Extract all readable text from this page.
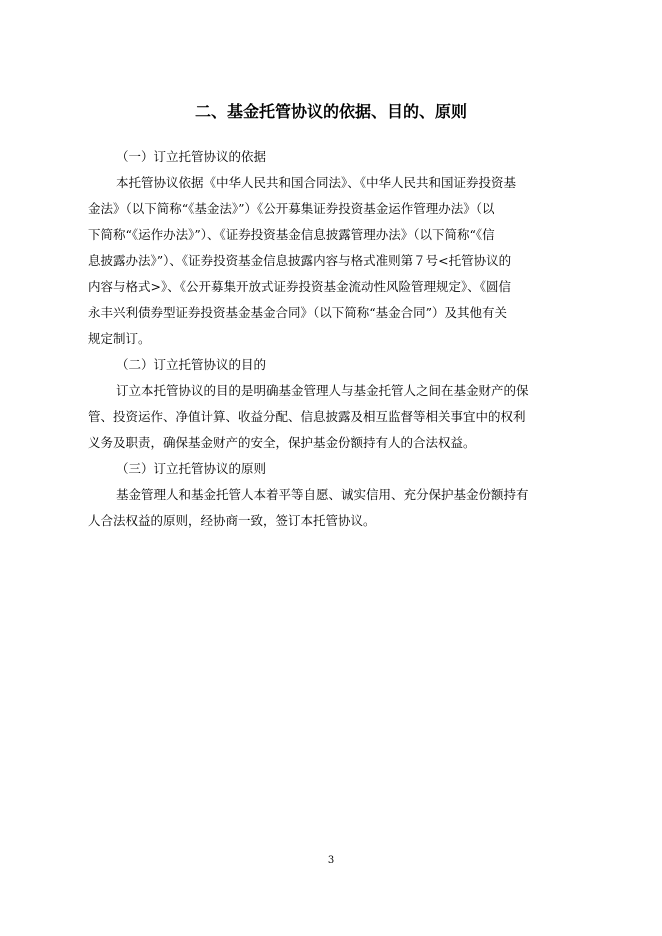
二、基金托管协议的依据、目的、原则
（一）订立托管协议的依据
本托管协议依据《中华人民共和国合同法》、《中华人民共和国证券投资基
金法》（以下简称“《基金法》”）《公开募集证券投资基金运作管理办法》（以
下简称“《运作办法》”）、《证券投资基金信息披露管理办法》（以下简称“《信
息披露办法》”）、《证券投资基金信息披露内容与格式准则第７号<托管协议的
内容与格式>》、《公开募集开放式证券投资基金流动性风险管理规定》、《圆信
永丰兴利债券型证券投资基金基金合同》（以下简称“基金合同”）及其他有关
规定制订。
（二）订立托管协议的目的
订立本托管协议的目的是明确基金管理人与基金托管人之间在基金财产的保
管、投资运作、净值计算、收益分配、信息披露及相互监督等相关事宜中的权利
义务及职责，确保基金财产的安全，保护基金份额持有人的合法权益。
（三）订立托管协议的原则
基金管理人和基金托管人本着平等自愿、诚实信用、充分保护基金份额持有
人合法权益的原则，经协商一致，签订本托管协议。
3
